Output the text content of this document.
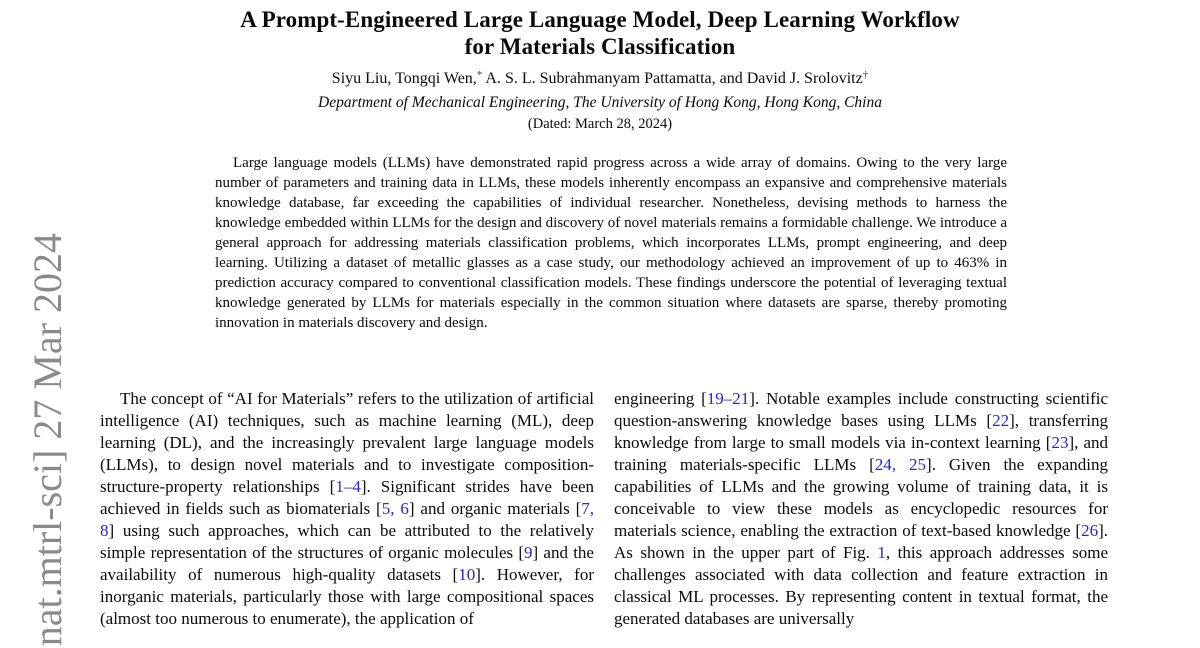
nat.mtrl-sci] 27 Mar 2024
A Prompt-Engineered Large Language Model, Deep Learning Workflow
for Materials Classification
Siyu Liu, Tongqi Wen,* A. S. L. Subrahmanyam Pattamatta, and David J. Srolovitz†
Department of Mechanical Engineering, The University of Hong Kong, Hong Kong, China
(Dated: March 28, 2024)
Large language models (LLMs) have demonstrated rapid progress across a wide array of domains. Owing to the very large number of parameters and training data in LLMs, these models inherently encompass an expansive and comprehensive materials knowledge database, far exceeding the capabilities of individual researcher. Nonetheless, devising methods to harness the knowledge embedded within LLMs for the design and discovery of novel materials remains a formidable challenge. We introduce a general approach for addressing materials classification problems, which incorporates LLMs, prompt engineering, and deep learning. Utilizing a dataset of metallic glasses as a case study, our methodology achieved an improvement of up to 463% in prediction accuracy compared to conventional classification models. These findings underscore the potential of leveraging textual knowledge generated by LLMs for materials especially in the common situation where datasets are sparse, thereby promoting innovation in materials discovery and design.

The concept of “AI for Materials” refers to the utilization of artificial intelligence (AI) techniques, such as machine learning (ML), deep learning (DL), and the increasingly prevalent large language models (LLMs), to design novel materials and to investigate composition-structure-property relationships [1–4]. Significant strides have been achieved in fields such as biomaterials [5, 6] and organic materials [7, 8] using such approaches, which can be attributed to the relatively simple representation of the structures of organic molecules [9] and the availability of numerous high-quality datasets [10]. However, for inorganic materials, particularly those with large compositional spaces (almost too numerous to enumerate), the application of

engineering [19–21]. Notable examples include constructing scientific question-answering knowledge bases using LLMs [22], transferring knowledge from large to small models via in-context learning [23], and training materials-specific LLMs [24, 25]. Given the expanding capabilities of LLMs and the growing volume of training data, it is conceivable to view these models as encyclopedic resources for materials science, enabling the extraction of text-based knowledge [26]. As shown in the upper part of Fig. 1, this approach addresses some challenges associated with data collection and feature extraction in classical ML processes. By representing content in textual format, the generated databases are universally
